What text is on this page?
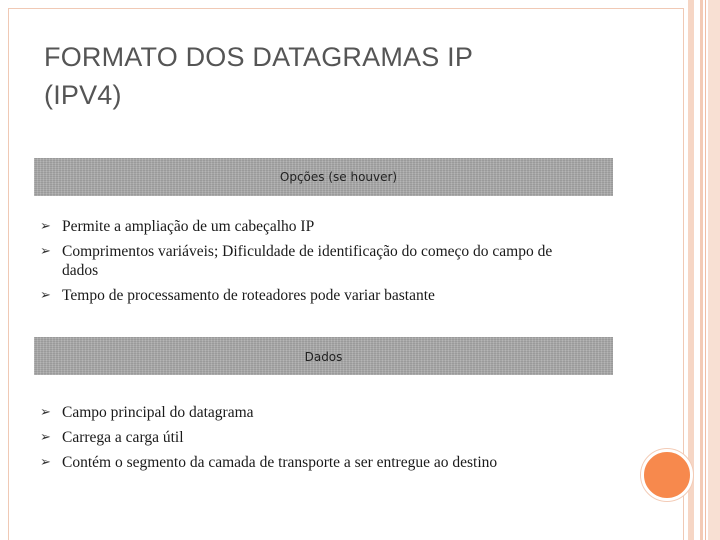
FORMATO DOS DATAGRAMAS IP
(IPV4)
Opções (se houver)
➢ Permite a ampliação de um cabeçalho IP
➢ Comprimentos variáveis; Dificuldade de identificação do começo do campo de dados
➢ Tempo de processamento de roteadores pode variar bastante
Dados
➢ Campo principal do datagrama
➢ Carrega a carga útil
➢ Contém o segmento da camada de transporte a ser entregue ao destino
